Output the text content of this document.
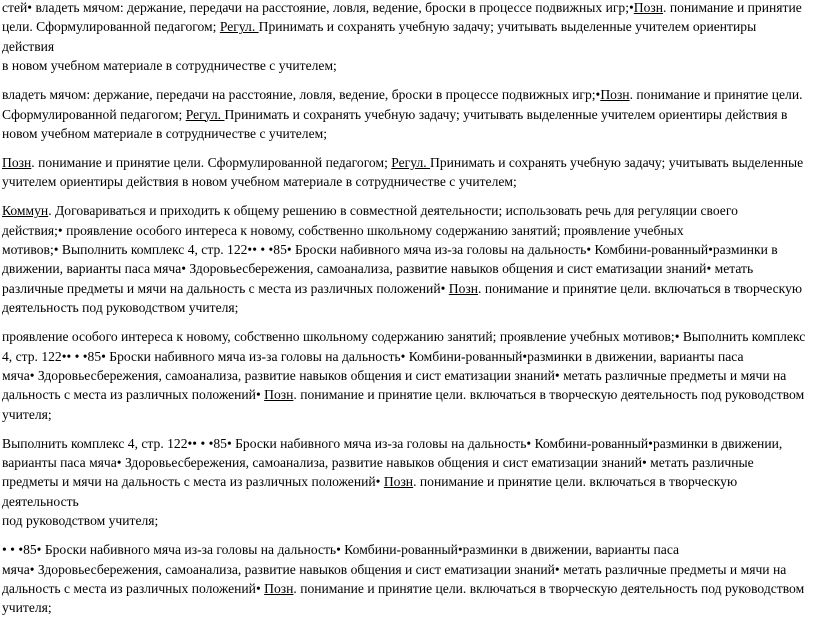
стей• владеть мячом: держание, передачи на расстояние, ловля, ведение, броски в процессе подвижных игр;•Позн. понимание и принятие
цели. Сформулированной педагогом; Регул. Принимать и сохранять учебную задачу; учитывать выделенные учителем ориентиры действия
в новом учебном материале в сотрудничестве с учителем;

владеть мячом: держание, передачи на расстояние, ловля, ведение, броски в процессе подвижных игр;•Позн. понимание и принятие цели.
Сформулированной педагогом; Регул. Принимать и сохранять учебную задачу; учитывать выделенные учителем ориентиры действия в
новом учебном материале в сотрудничестве с учителем;

Позн. понимание и принятие цели. Сформулированной педагогом; Регул. Принимать и сохранять учебную задачу; учитывать выделенные
учителем ориентиры действия в новом учебном материале в сотрудничестве с учителем;

Коммун. Договариваться и приходить к общему решению в совместной деятельности; использовать речь для регуляции своего
действия;• проявление особого интереса к новому, собственно школьному содержанию занятий; проявление учебных
мотивов;• Выполнить комплекс 4, стр. 122•• • •85• Броски набивного мяча из-за головы на дальность• Комбини-рованный•разминки в
движении, варианты паса мяча• Здоровьесбережения, самоанализа, развитие навыков общения и сист ематизации знаний• метать
различные предметы и мячи на дальность с места из различных положений• Позн. понимание и принятие цели. включаться в творческую
деятельность под руководством учителя;

проявление особого интереса к новому, собственно школьному содержанию занятий; проявление учебных мотивов;• Выполнить комплекс
4, стр. 122•• • •85• Броски набивного мяча из-за головы на дальность• Комбини-рованный•разминки в движении, варианты паса
мяча• Здоровьесбережения, самоанализа, развитие навыков общения и сист ематизации знаний• метать различные предметы и мячи на
дальность с места из различных положений• Позн. понимание и принятие цели. включаться в творческую деятельность под руководством
учителя;

Выполнить комплекс 4, стр. 122•• • •85• Броски набивного мяча из-за головы на дальность• Комбини-рованный•разминки в движении,
варианты паса мяча• Здоровьесбережения, самоанализа, развитие навыков общения и сист ематизации знаний• метать различные
предметы и мячи на дальность с места из различных положений• Позн. понимание и принятие цели. включаться в творческую деятельность
под руководством учителя;

• • •85• Броски набивного мяча из-за головы на дальность• Комбини-рованный•разминки в движении, варианты паса
мяча• Здоровьесбережения, самоанализа, развитие навыков общения и сист ематизации знаний• метать различные предметы и мячи на
дальность с места из различных положений• Позн. понимание и принятие цели. включаться в творческую деятельность под руководством
учителя;
